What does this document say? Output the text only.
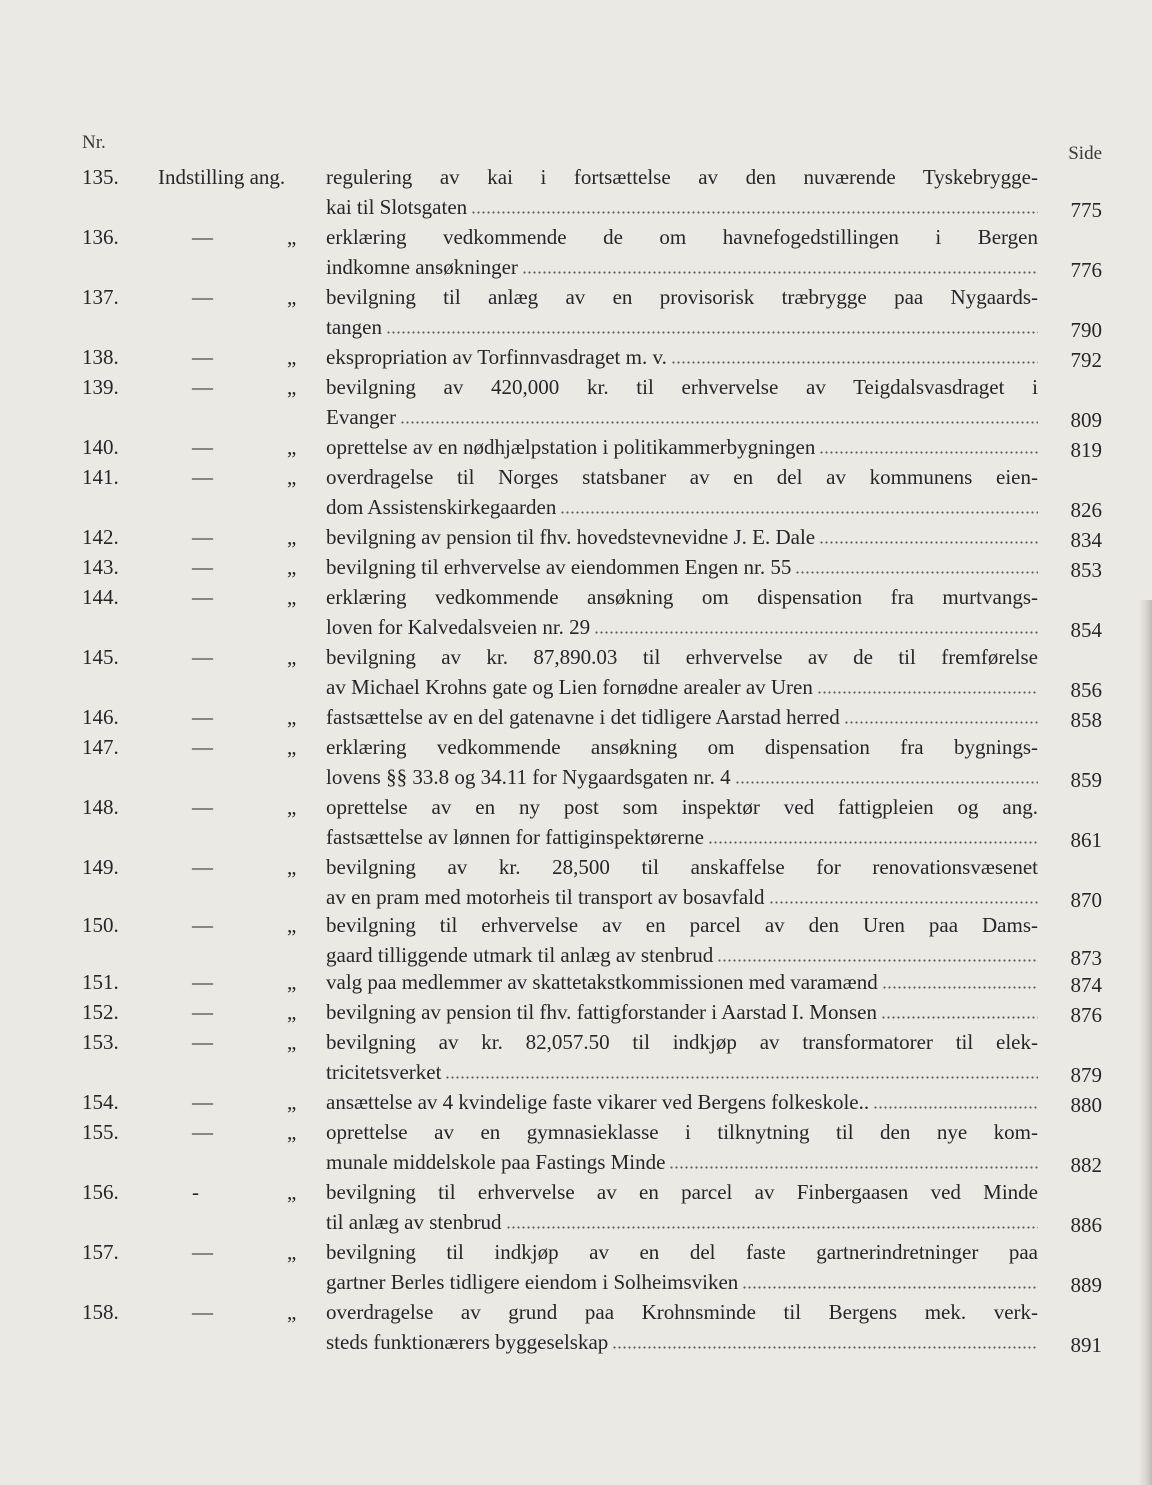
Nr.
Side
135.	Indstilling ang. regulering av kai i fortsættelse av den nuværende Tyskebrygge-
kai til Slotsgaten	775
136.	—	„ erklæring vedkommende de om havnefogedstillingen i Bergen
indkomne ansøkninger	776
137.	—	„ bevilgning til anlæg av en provisorisk træbrygge paa Nygaards-
tangen	790
138.	—	„ ekspropriation av Torfinnvasdraget m. v.	792
139.	—	„ bevilgning av 420,000 kr. til erhvervelse av Teigdalsvasdraget i
Evanger	809
140.	—	„ oprettelse av en nødhjælpstation i politikammerbygningen	819
141.	—	„ overdragelse til Norges statsbaner av en del av kommunens eien-
dom Assistenskirkegaarden	826
142.	—	„ bevilgning av pension til fhv. hovedstevnevidne J. E. Dale	834
143.	—	„ bevilgning til erhvervelse av eiendommen Engen nr. 55	853
144.	—	„ erklæring vedkommende ansøkning om dispensation fra murtvangs-
loven for Kalvedalsveien nr. 29	854
145.	—	„ bevilgning av kr. 87,890.03 til erhvervelse av de til fremførelse
av Michael Krohns gate og Lien fornødne arealer av Uren	856
146.	—	„ fastsættelse av en del gatenavne i det tidligere Aarstad herred	858
147.	—	„ erklæring vedkommende ansøkning om dispensation fra bygnings-
lovens §§ 33.8 og 34.11 for Nygaardsgaten nr. 4	859
148.	—	„ oprettelse av en ny post som inspektør ved fattigpleien og ang.
fastsættelse av lønnen for fattiginspektørerne	861
149.	—	„ bevilgning av kr. 28,500 til anskaffelse for renovationsvæsenet
av en pram med motorheis til transport av bosavfald	870
150.	—	„ bevilgning til erhvervelse av en parcel av den Uren paa Dams-
gaard tilliggende utmark til anlæg av stenbrud	873
151.	—	„ valg paa medlemmer av skattetakstkommissionen med varamænd	874
152.	—	„ bevilgning av pension til fhv. fattigforstander i Aarstad I. Monsen	876
153.	—	„ bevilgning av kr. 82,057.50 til indkjøp av transformatorer til elek-
tricitetsverket	879
154.	—	„ ansættelse av 4 kvindelige faste vikarer ved Bergens folkeskole..	880
155.	—	„ oprettelse av en gymnasieklasse i tilknytning til den nye kom-
munale middelskole paa Fastings Minde	882
156.	-	„ bevilgning til erhvervelse av en parcel av Finbergaasen ved Minde
til anlæg av stenbrud	886
157.	—	„ bevilgning til indkjøp av en del faste gartnerindretninger paa
gartner Berles tidligere eiendom i Solheimsviken	889
158.	—	„ overdragelse av grund paa Krohnsminde til Bergens mek. verk-
steds funktionærers byggeselskap	891
